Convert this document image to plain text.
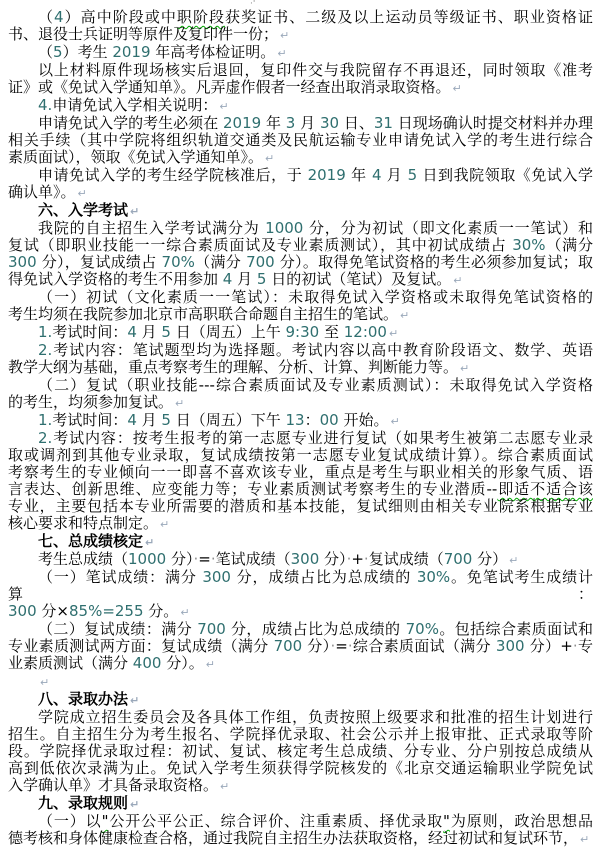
·'
（4）高中阶段或中职阶段获奖证书、二级及以上运动员等级证书、职业资格证
书、退役士兵证明等原件及复印件一份； ↵
（5）考生 2019 年高考体检证明。 ↵
以上材料原件现场核实后退回，复印件交与我院留存不再退还，同时领取《准考
证》或《免试入学通知单》。凡弄虚作假者一经查出取消录取资格。 ↵
4.申请免试入学相关说明： ↵
申请免试入学的考生必须在 2019 年 3 月 30 日、31 日现场确认时提交材料并办理
相关手续（其中学院将组织轨道交通类及民航运输专业申请免试入学的考生进行综合
素质面试），领取《免试入学通知单》。 ↵
申请免试入学的考生经学院核准后，于 2019 年 4 月 5 日到我院领取《免试入学
确认单》。 ↵
六、入学考试 ↵
我院的自主招生入学考试满分为 1000 分，分为初试（即文化素质一一笔试）和
复试（即职业技能一一综合素质面试及专业素质测试），其中初试成绩占 30%（满分
300 分），复试成绩占 70%（满分 700 分）。取得免笔试资格的考生必须参加复试；取
得免试入学资格的考生不用参加 4 月 5 日的初试（笔试）及复试。 ↵
（一）初试（文化素质一一笔试）：未取得免试入学资格或未取得免笔试资格的
考生均须在我院参加北京市高职联合命题自主招生的笔试。 ↵
1.考试时间：4 月 5 日（周五）上午 9:30 至 12:00 ↵
2.考试内容：笔试题型均为选择题。考试内容以高中教育阶段语文、数学、英语
教学大纲为基础，重点考察考生的理解、分析、计算、判断能力等。 ↵
（二）复试（职业技能---综合素质面试及专业素质测试）：未取得免试入学资格
的考生，均须参加复试。 ↵
1.考试时间：4 月 5 日（周五）下午 13：00 开始。 ↵
2.考试内容：按考生报考的第一志愿专业进行复试（如果考生被第二志愿专业录
取或调剂到其他专业录取，复试成绩按第一志愿专业复试成绩计算）。综合素质面试
考察考生的专业倾向一一即喜不喜欢该专业，重点是考生与职业相关的形象气质、语
言表达、创新思维、应变能力等；专业素质测试考察考生的专业潜质--即适不适合该
专业，主要包括本专业所需要的潜质和基本技能，复试细则由相关专业院系根据专业
核心要求和特点制定。 ↵
七、总成绩核定 ↵
考生总成绩（1000 分）·=·笔试成绩（300 分）·+·复试成绩（700 分） ↵
（一）笔试成绩：满分 300 分，成绩占比为总成绩的 30%。免笔试考生成绩计算：
300 分×85%=255 分。 ↵
（二）复试成绩：满分 700 分，成绩占比为总成绩的 70%。包括综合素质面试和
专业素质测试两方面：复试成绩（满分 700 分）·=·综合素质面试（满分 300 分）+·专
业素质测试（满分 400 分）。 ↵
↵
八、录取办法 ↵
学院成立招生委员会及各具体工作组，负责按照上级要求和批准的招生计划进行
招生。自主招生分为考生报名、学院择优录取、社会公示并上报审批、正式录取等阶
段。学院择优录取过程：初试、复试、核定考生总成绩、分专业、分户别按总成绩从
高到低依次录满为止。免试入学考生须获得学院核发的《北京交通运输职业学院免试
入学确认单》才具备录取资格。 ↵
九、录取规则 ↵
（一）以"公开公平公正、综合评价、注重素质、择优录取"为原则，政治思想品
德考核和身体健康检查合格，通过我院自主招生办法获取资格，经过初试和复试环节， ↵
